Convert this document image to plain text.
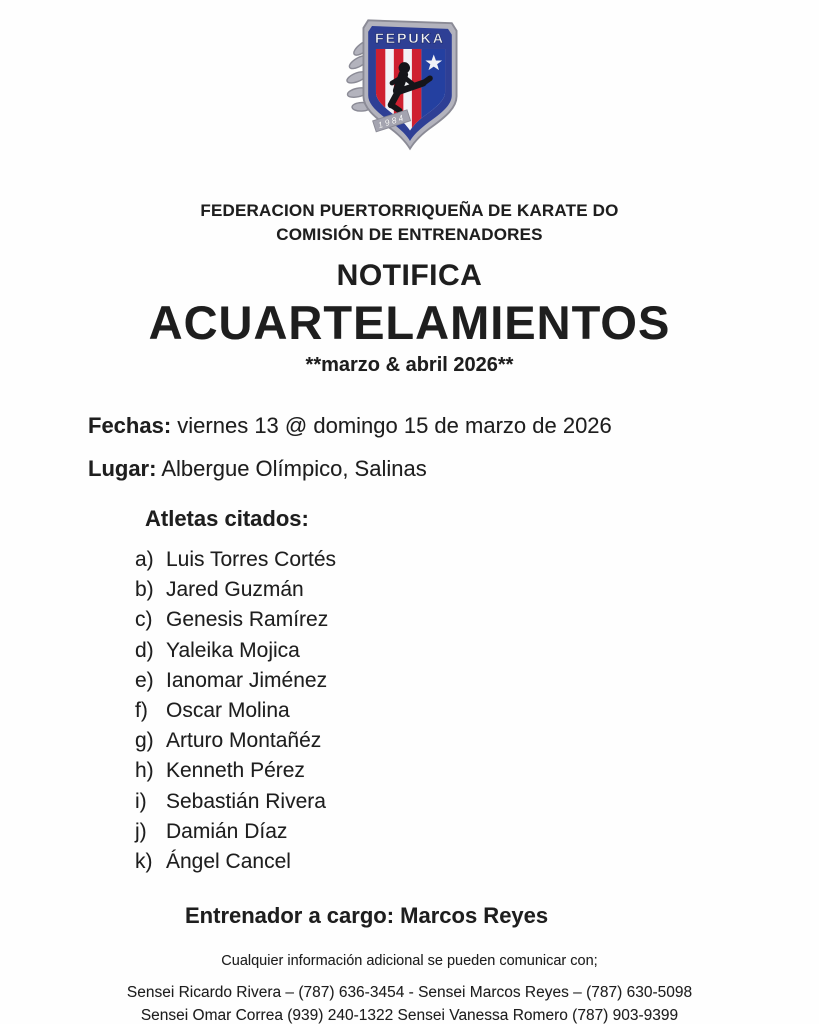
FEPUKA
1984
FEDERACION PUERTORRIQUEÑA DE KARATE DO
COMISIÓN DE ENTRENADORES
NOTIFICA
ACUARTELAMIENTOS
**marzo & abril 2026**
Fechas: viernes 13 @ domingo 15 de marzo de 2026
Lugar: Albergue Olímpico, Salinas
Atletas citados:
a) Luis Torres Cortés
b) Jared Guzmán
c) Genesis Ramírez
d) Yaleika Mojica
e) Ianomar Jiménez
f) Oscar Molina
g) Arturo Montañéz
h) Kenneth Pérez
i) Sebastián Rivera
j) Damián Díaz
k) Ángel Cancel
Entrenador a cargo: Marcos Reyes
Cualquier información adicional se pueden comunicar con;
Sensei Ricardo Rivera – (787) 636-3454 - Sensei Marcos Reyes – (787) 630-5098
Sensei Omar Correa (939) 240-1322 Sensei Vanessa Romero (787) 903-9399
